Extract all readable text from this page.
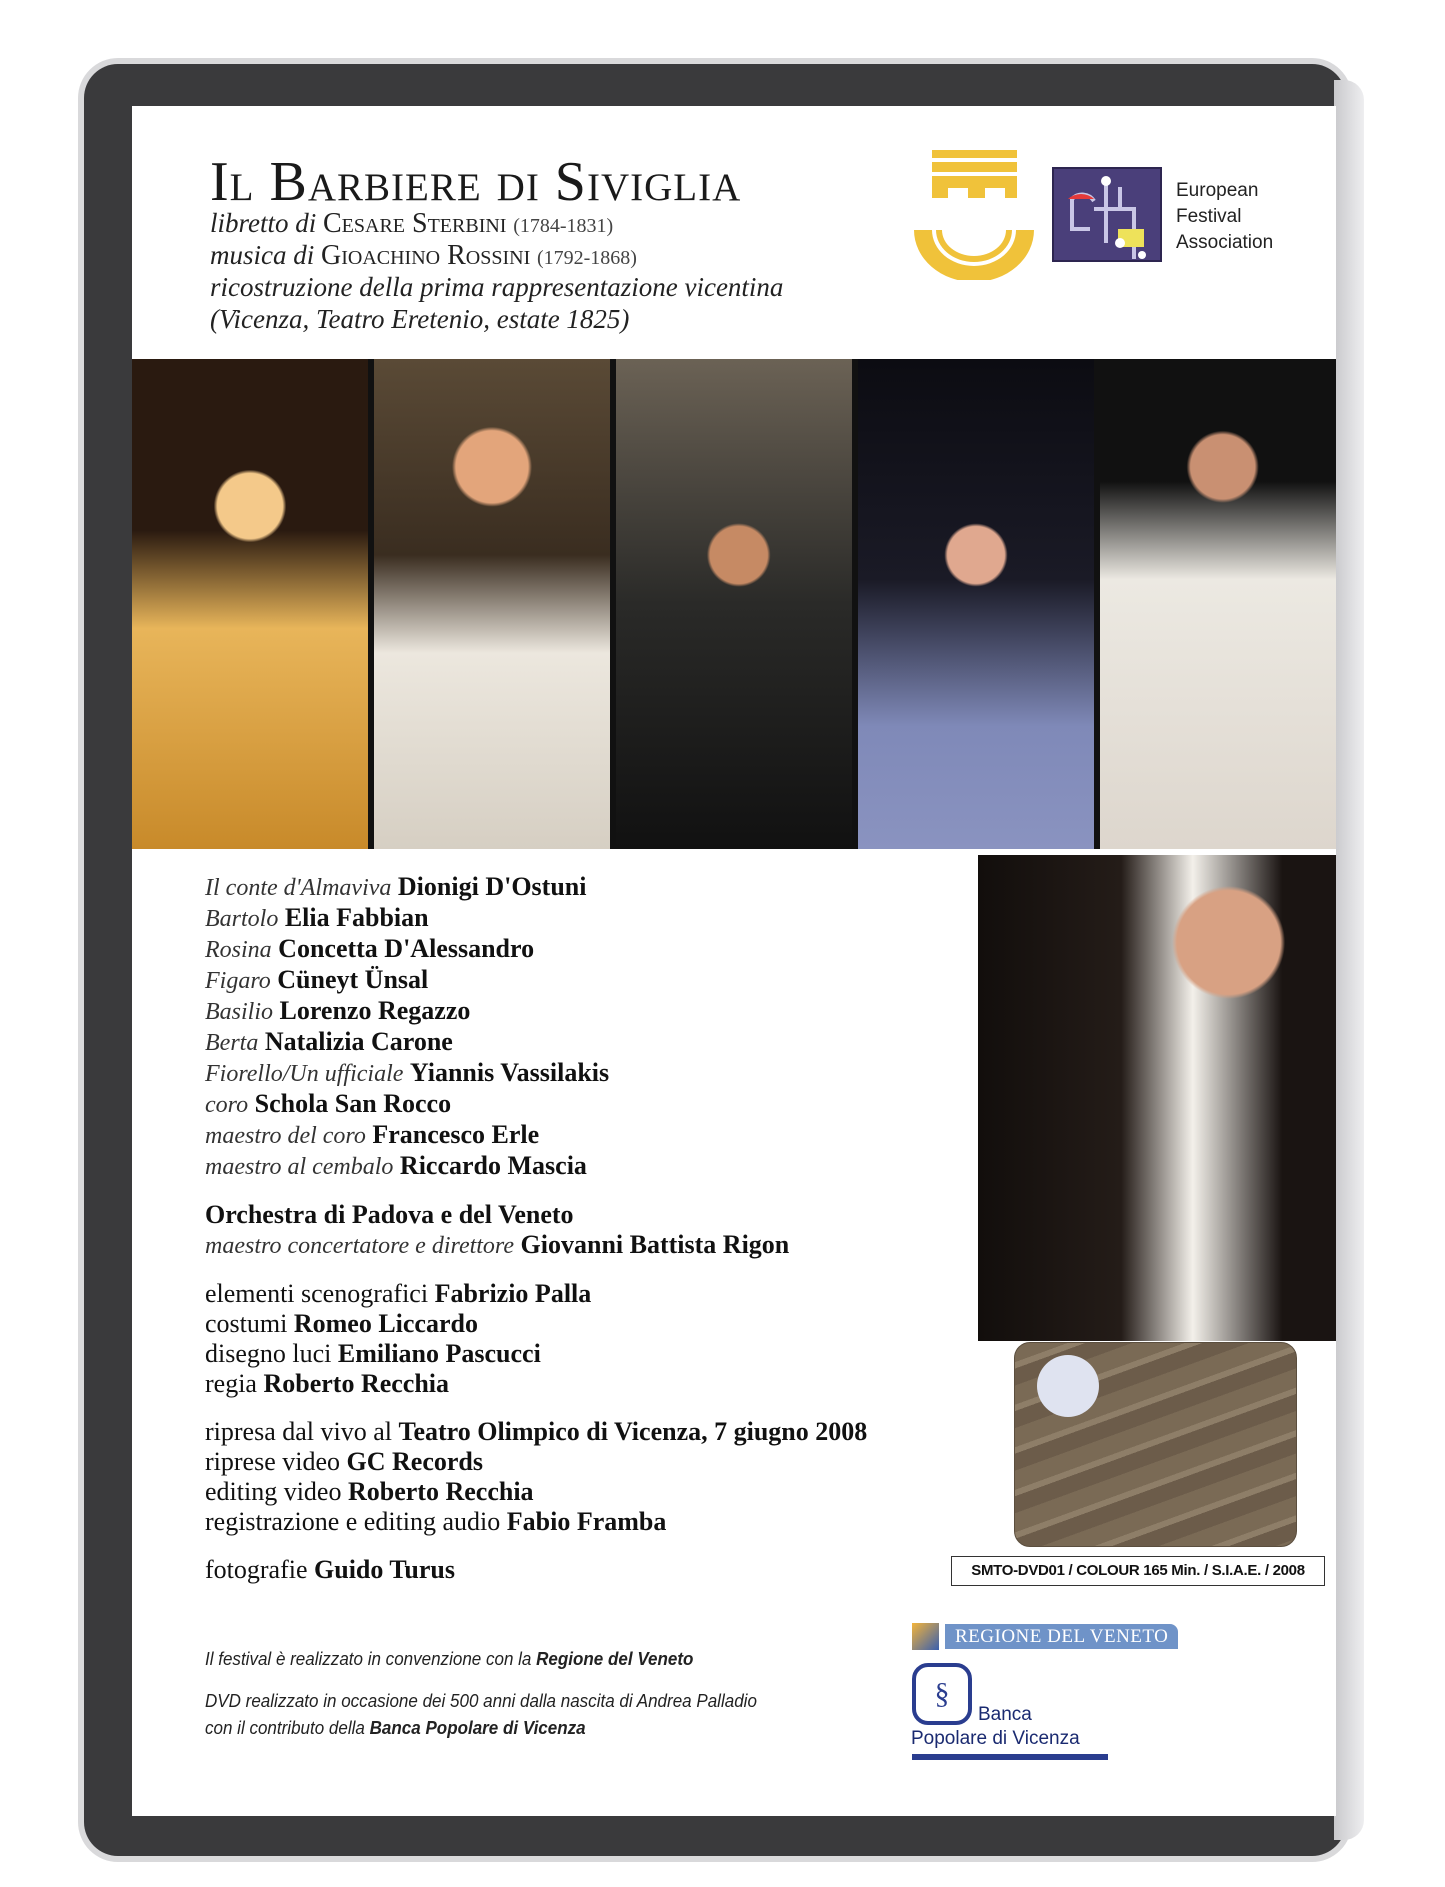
Il Barbiere di Siviglia
libretto di Cesare Sterbini (1784-1831)
musica di Gioachino Rossini (1792-1868)
ricostruzione della prima rappresentazione vicentina
(Vicenza, Teatro Eretenio, estate 1825)
European
Festival
Association
SMTO-DVD01 / COLOUR 165 Min. / S.I.A.E. / 2008
Il conte d'Almaviva Dionigi D'Ostuni
Bartolo Elia Fabbian
Rosina Concetta D'Alessandro
Figaro Cüneyt Ünsal
Basilio Lorenzo Regazzo
Berta Natalizia Carone
Fiorello/Un ufficiale Yiannis Vassilakis
coro Schola San Rocco
maestro del coro Francesco Erle
maestro al cembalo Riccardo Mascia
Orchestra di Padova e del Veneto
maestro concertatore e direttore Giovanni Battista Rigon
elementi scenografici Fabrizio Palla
costumi Romeo Liccardo
disegno luci Emiliano Pascucci
regia Roberto Recchia
ripresa dal vivo al Teatro Olimpico di Vicenza, 7 giugno 2008
riprese video GC Records
editing video Roberto Recchia
registrazione e editing audio Fabio Framba
fotografie Guido Turus
Il festival è realizzato in convenzione con la Regione del Veneto
DVD realizzato in occasione dei 500 anni dalla nascita di Andrea Palladio
con il contributo della Banca Popolare di Vicenza
REGIONE DEL VENETO
§
Banca
Popolare di Vicenza
